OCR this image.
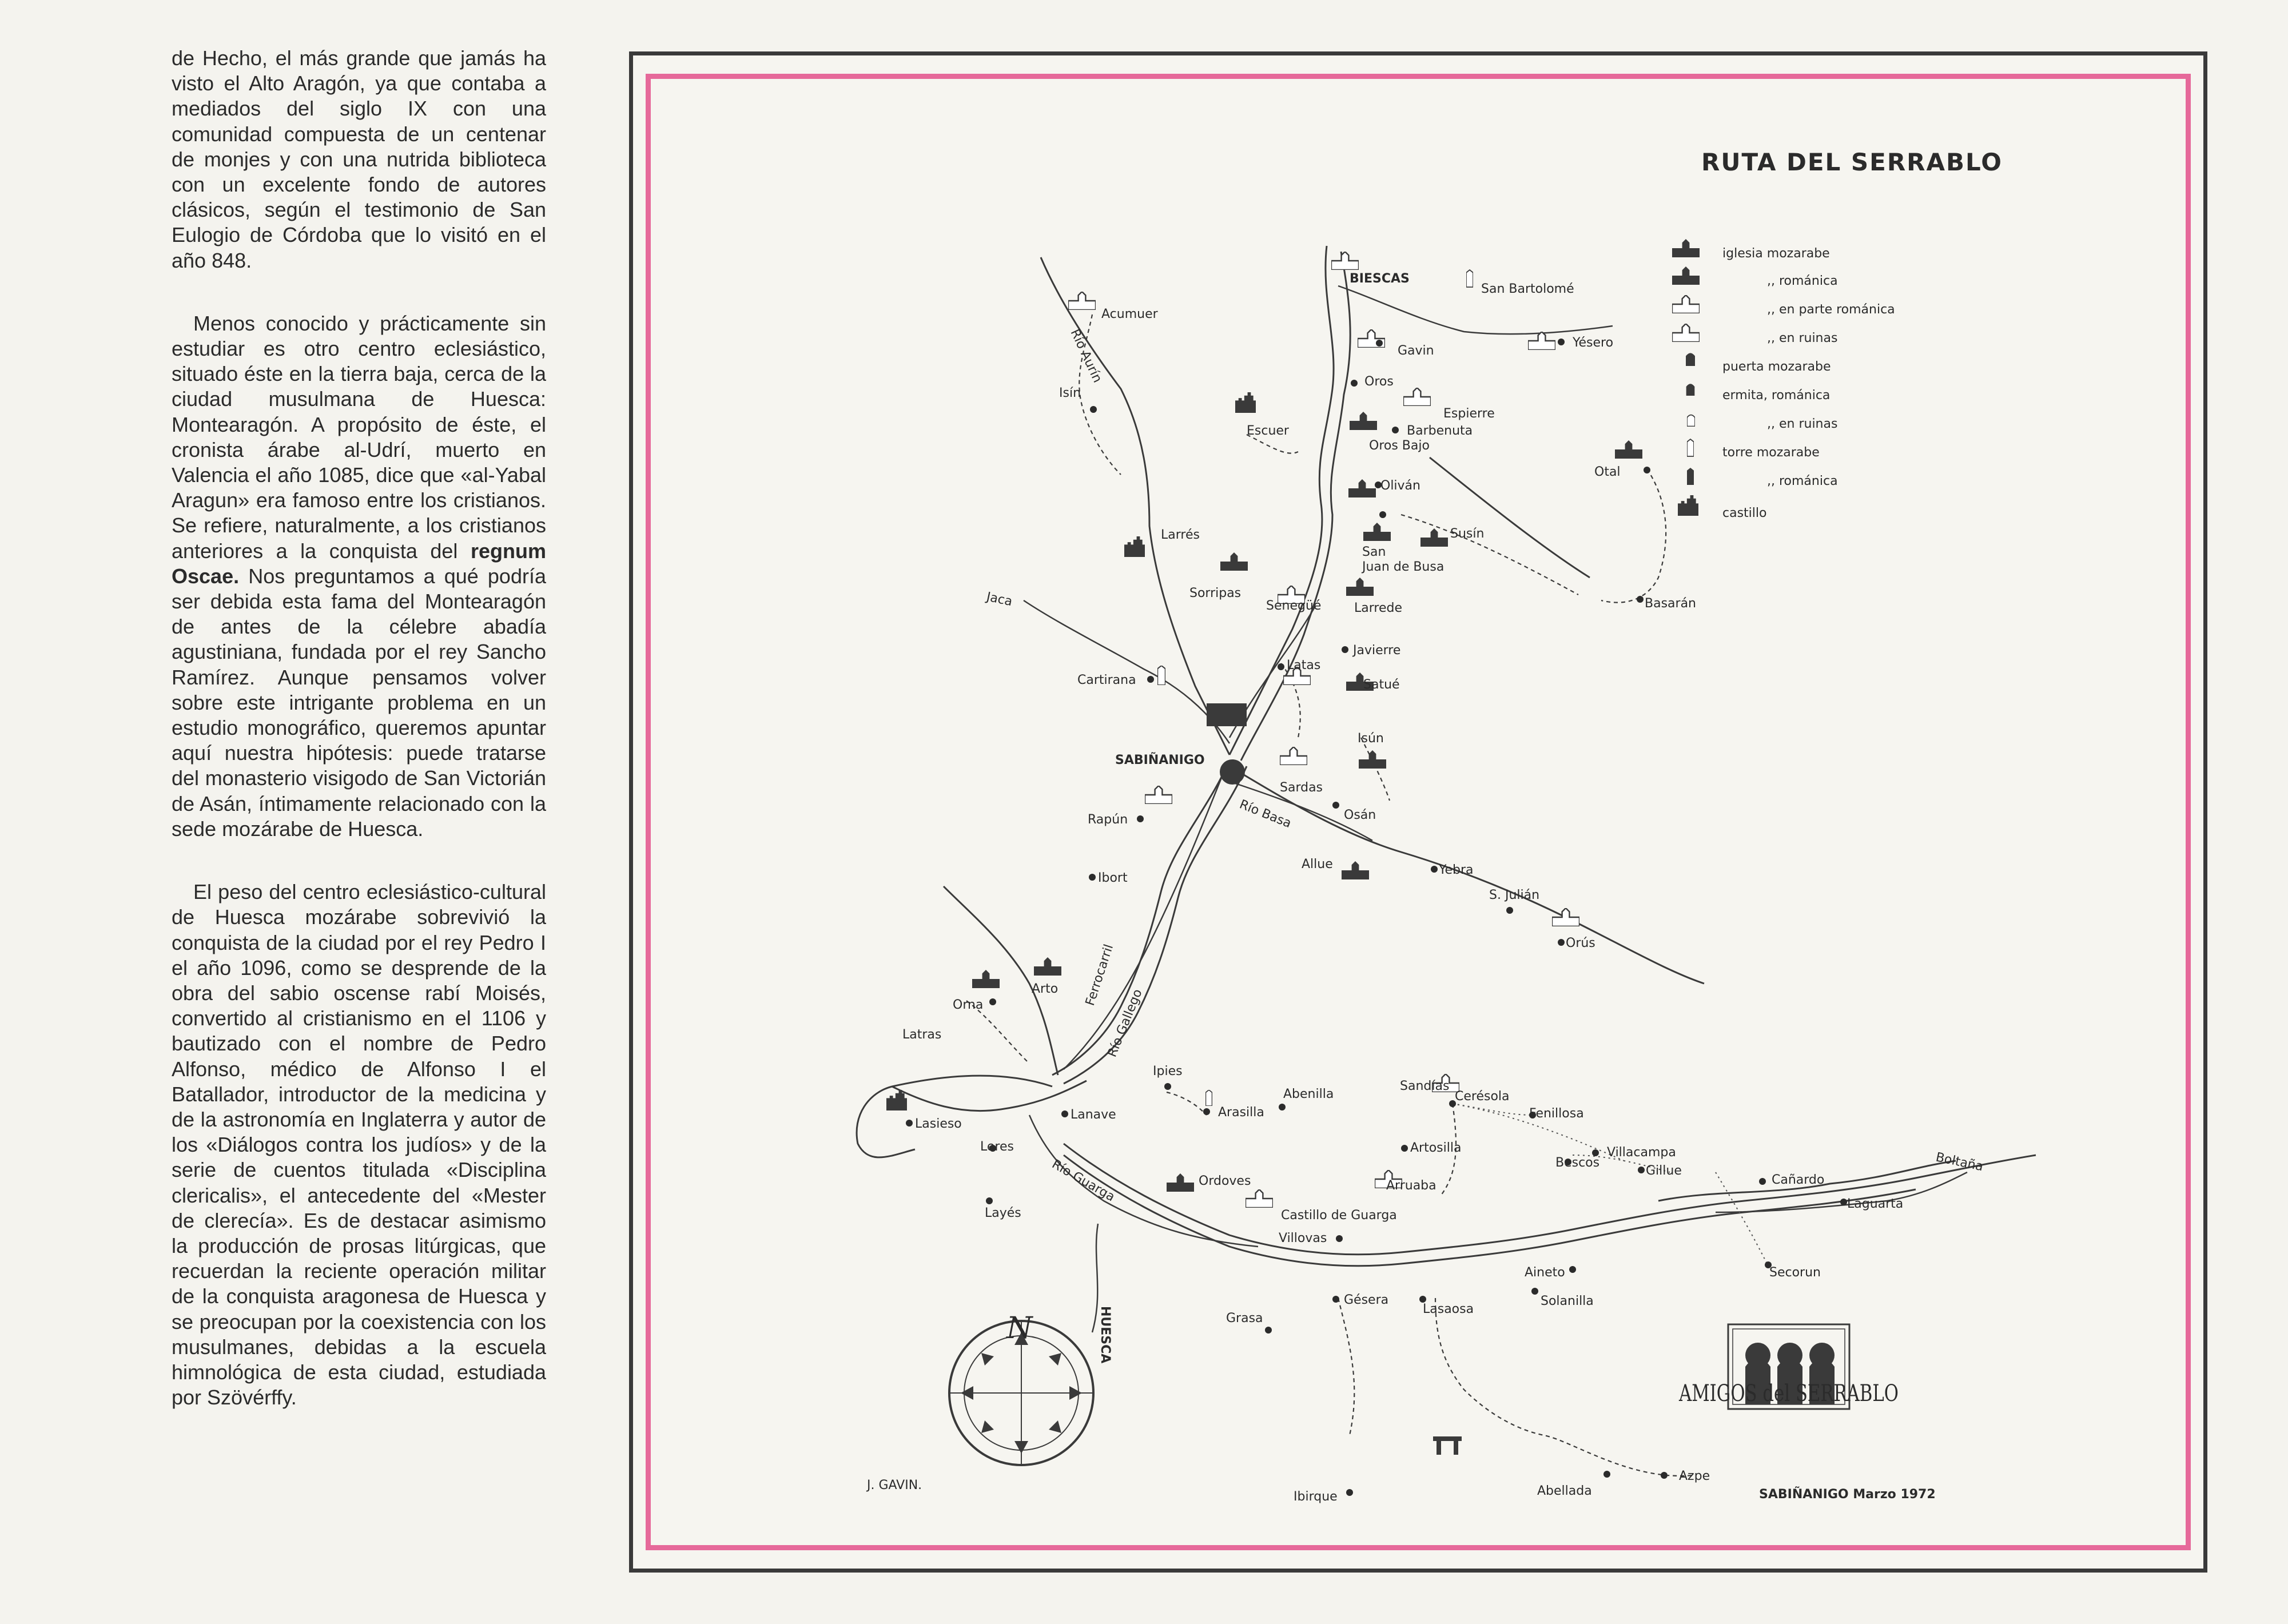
de Hecho, el más grande que jamás ha visto el Alto Aragón, ya que contaba a mediados del siglo IX con una comunidad compuesta de un centenar de monjes y con una nutrida biblioteca con un excelente fondo de autores clásicos, según el testimonio de San Eulogio de Córdoba que lo visitó en el año 848.

Menos conocido y prácticamente sin estudiar es otro centro eclesiástico, situado éste en la tierra baja, cerca de la ciudad musulmana de Huesca: Montearagón. A propósito de éste, el cronista árabe al-Udrí, muerto en Valencia el año 1085, dice que «al-Yabal Aragun» era famoso entre los cristianos. Se refiere, naturalmente, a los cristianos anteriores a la conquista del regnum Oscae. Nos preguntamos a qué podría ser debida esta fama del Montearagón de antes de la célebre abadía agustiniana, fundada por el rey Sancho Ramírez. Aunque pensamos volver sobre este intrigante problema en un estudio monográfico, queremos apuntar aquí nuestra hipótesis: puede tratarse del monasterio visigodo de San Victorián de Asán, íntimamente relacionado con la sede mozárabe de Huesca.

El peso del centro eclesiástico-cultural de Huesca mozárabe sobrevivió la conquista de la ciudad por el rey Pedro I el año 1096, como se desprende de la obra del sabio oscense rabí Moisés, convertido al cristianismo en el 1106 y bautizado con el nombre de Pedro Alfonso, médico de Alfonso I el Batallador, introductor de la medicina y de la astronomía en Inglaterra y autor de los «Diálogos contra los judíos» y de la serie de cuentos titulada «Disciplina clericalis», el antecedente del «Mester de clerecía». Es de destacar asimismo la producción de prosas litúrgicas, que recuerdan la reciente operación militar de la conquista aragonesa de Huesca y se preocupan por la coexistencia con los musulmanes, debidas a la escuela himnológica de esta ciudad, estudiada por Szövérffy.

RUTA DEL SERRABLO
BIESCAS
San Bartolomé
Acumuer
Gavin
Yésero
Isín
Oros
Espierre
Escuer	Barbenuta
Oros Bajo
Otal
Oliván
Larrés	Susín
San
Juan de Busa
Basarán
Sorripas
Jaca	Senegüé	Larrede
Javierre
Latas
Satué
Cartirana
SABIÑANIGO
Isún
Sardas
Osán
Rapún
Allue	Yebra
Ibort
S. Julián
Orús
Orna
Arto
Latras
Ipies
Abenilla
Sandías
Cerésola
Fenillosa
Lasieso
Lanave	Arasilla
Artosilla	Villacampa	Boltaña
Leres
Bescos
Gillue
Cañardo
Ordoves	Arruaba
Laguarta
Layés	Castillo de Guarga
Villovas
Aineto	Secorun
Gésera
Lasaosa
Solanilla
Grasa
HUESCA
Abellada
Azpe
Ibirque
Río Aurín
Río Basa
Río Gallego
Ferrocarril
Río Guarga
iglesia mozarabe
,, románica
,, en parte románica
,, en ruinas
puerta mozarabe
ermita, románica
,, en ruinas
torre mozarabe
,, románica
castillo
N
AMIGOS del SERRABLO
J. GAVIN.
SABIÑANIGO Marzo 1972
